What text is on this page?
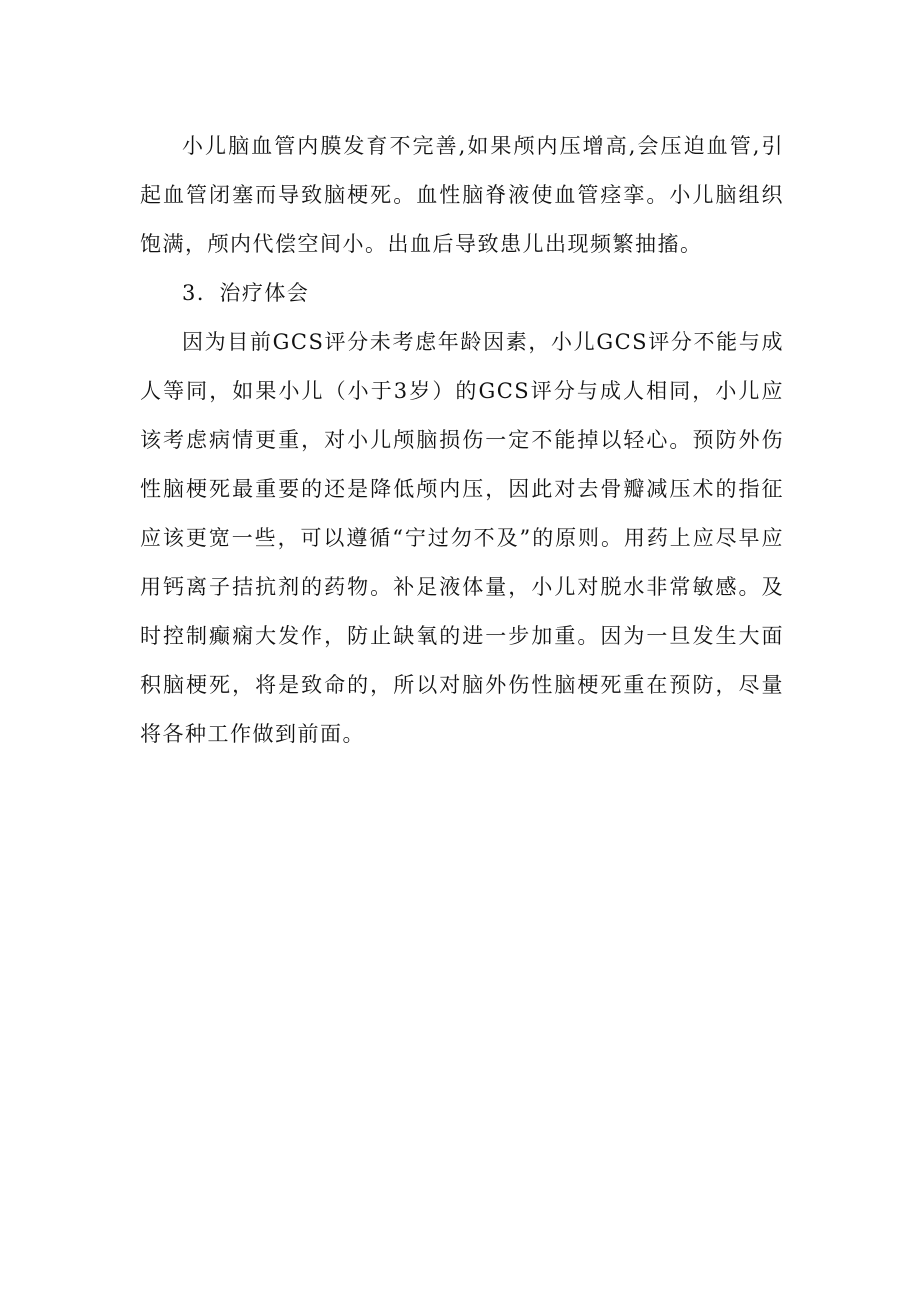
小儿脑血管内膜发育不完善,如果颅内压增高,会压迫血管,引起血管闭塞而导致脑梗死。血性脑脊液使血管痉挛。小儿脑组织饱满，颅内代偿空间小。出血后导致患儿出现频繁抽搐。

3．治疗体会

因为目前GCS评分未考虑年龄因素，小儿GCS评分不能与成人等同，如果小儿（小于3岁）的GCS评分与成人相同，小儿应该考虑病情更重，对小儿颅脑损伤一定不能掉以轻心。预防外伤性脑梗死最重要的还是降低颅内压，因此对去骨瓣减压术的指征应该更宽一些，可以遵循“宁过勿不及”的原则。用药上应尽早应用钙离子拮抗剂的药物。补足液体量，小儿对脱水非常敏感。及时控制癫痫大发作，防止缺氧的进一步加重。因为一旦发生大面积脑梗死，将是致命的，所以对脑外伤性脑梗死重在预防，尽量将各种工作做到前面。
